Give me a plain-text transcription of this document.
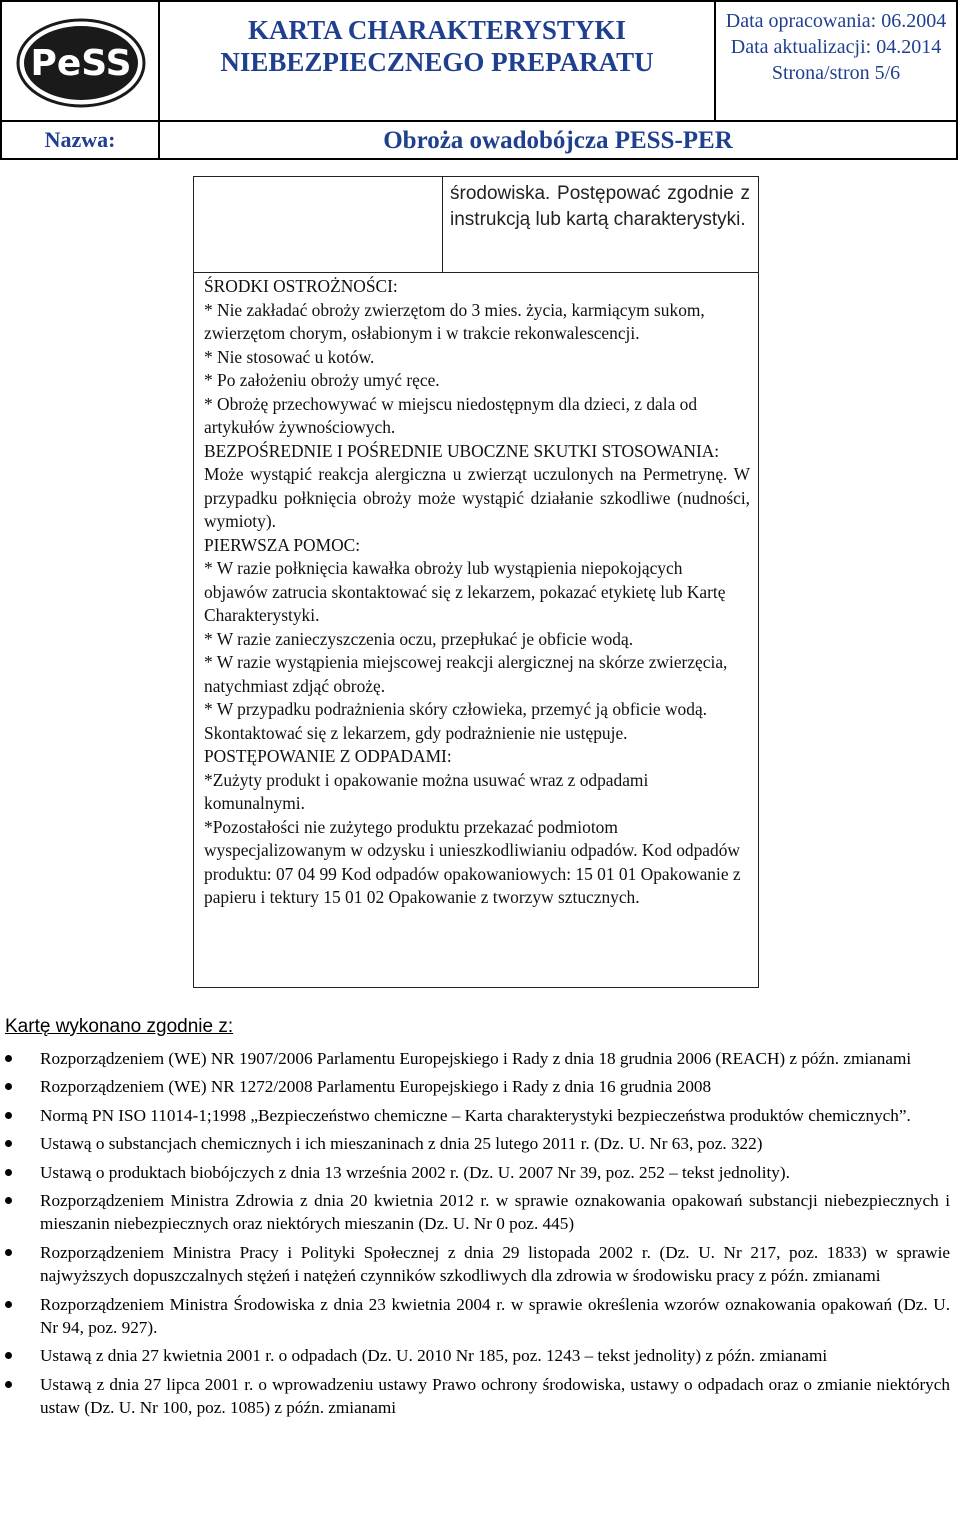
PeSS
KARTA CHARAKTERYSTYKI
NIEBEZPIECZNEGO PREPARATU
Data opracowania: 06.2004
Data aktualizacji: 04.2014
Strona/stron 5/6
Nazwa:	Obroża owadobójcza PESS-PER
środowiska. Postępować zgodnie z instrukcją lub kartą charakterystyki.

ŚRODKI OSTROŻNOŚCI:

* Nie zakładać obroży zwierzętom do 3 mies. życia, karmiącym sukom, zwierzętom chorym, osłabionym i w trakcie rekonwalescencji.

* Nie stosować u kotów.

* Po założeniu obroży umyć ręce.

* Obrożę przechowywać w miejscu niedostępnym dla dzieci, z dala od artykułów żywnościowych.

BEZPOŚREDNIE I POŚREDNIE UBOCZNE SKUTKI STOSOWANIA:

Może wystąpić reakcja alergiczna u zwierząt uczulonych na Permetrynę. W przypadku połknięcia obroży może wystąpić działanie szkodliwe (nudności, wymioty).

PIERWSZA POMOC:

* W razie połknięcia kawałka obroży lub wystąpienia niepokojących objawów zatrucia skontaktować się z lekarzem, pokazać etykietę lub Kartę Charakterystyki.

* W razie zanieczyszczenia oczu, przepłukać je obficie wodą.

* W razie wystąpienia miejscowej reakcji alergicznej na skórze zwierzęcia, natychmiast zdjąć obrożę.

* W przypadku podrażnienia skóry człowieka, przemyć ją obficie wodą. Skontaktować się z lekarzem, gdy podrażnienie nie ustępuje.

POSTĘPOWANIE Z ODPADAMI:

*Zużyty produkt i opakowanie można usuwać wraz z odpadami komunalnymi.

*Pozostałości nie zużytego produktu przekazać podmiotom wyspecjalizowanym w odzysku i unieszkodliwianiu odpadów. Kod odpadów produktu: 07 04 99 Kod odpadów opakowaniowych: 15 01 01 Opakowanie z papieru i tektury 15 01 02 Opakowanie z tworzyw sztucznych.

Kartę wykonano zgodnie z:

Rozporządzeniem (WE) NR 1907/2006 Parlamentu Europejskiego i Rady z dnia 18 grudnia 2006 (REACH) z późn. zmianami
Rozporządzeniem (WE) NR 1272/2008 Parlamentu Europejskiego i Rady z dnia 16 grudnia 2008
Normą PN ISO 11014-1;1998 „Bezpieczeństwo chemiczne – Karta charakterystyki bezpieczeństwa produktów chemicznych”.
Ustawą o substancjach chemicznych i ich mieszaninach z dnia 25 lutego 2011 r. (Dz. U. Nr 63, poz. 322)
Ustawą o produktach biobójczych z dnia 13 września 2002 r. (Dz. U. 2007 Nr 39, poz. 252 – tekst jednolity).
Rozporządzeniem Ministra Zdrowia z dnia 20 kwietnia 2012 r. w sprawie oznakowania opakowań substancji niebezpiecznych i mieszanin niebezpiecznych oraz niektórych mieszanin (Dz. U. Nr 0 poz. 445)
Rozporządzeniem Ministra Pracy i Polityki Społecznej z dnia 29 listopada 2002 r. (Dz. U. Nr 217, poz. 1833) w sprawie najwyższych dopuszczalnych stężeń i natężeń czynników szkodliwych dla zdrowia w środowisku pracy z późn. zmianami
Rozporządzeniem Ministra Środowiska z dnia 23 kwietnia 2004 r. w sprawie określenia wzorów oznakowania opakowań (Dz. U. Nr 94, poz. 927).
Ustawą z dnia 27 kwietnia 2001 r. o odpadach (Dz. U. 2010 Nr 185, poz. 1243 – tekst jednolity) z późn. zmianami
Ustawą z dnia 27 lipca 2001 r. o wprowadzeniu ustawy Prawo ochrony środowiska, ustawy o odpadach oraz o zmianie niektórych ustaw (Dz. U. Nr 100, poz. 1085) z późn. zmianami
